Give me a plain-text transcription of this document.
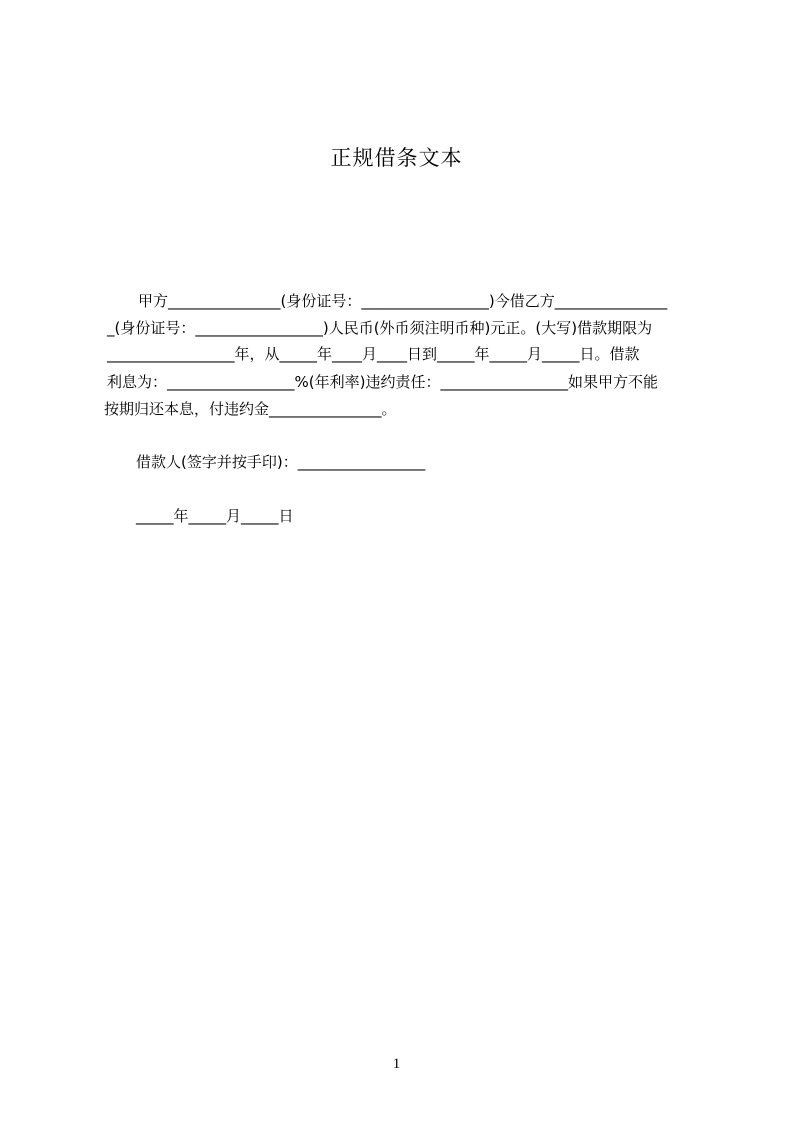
正规借条文本
甲方_______________(身份证号：_________________)今借乙方_______________
_(身份证号：_________________)人民币(外币须注明币种)元正。(大写)借款期限为
_________________年，从_____年____月____日到_____年_____月_____日。借款
利息为：_________________%(年利率)违约责任：_________________如果甲方不能
按期归还本息，付违约金_______________。
借款人(签字并按手印)：_________________
_____年_____月_____日
1
